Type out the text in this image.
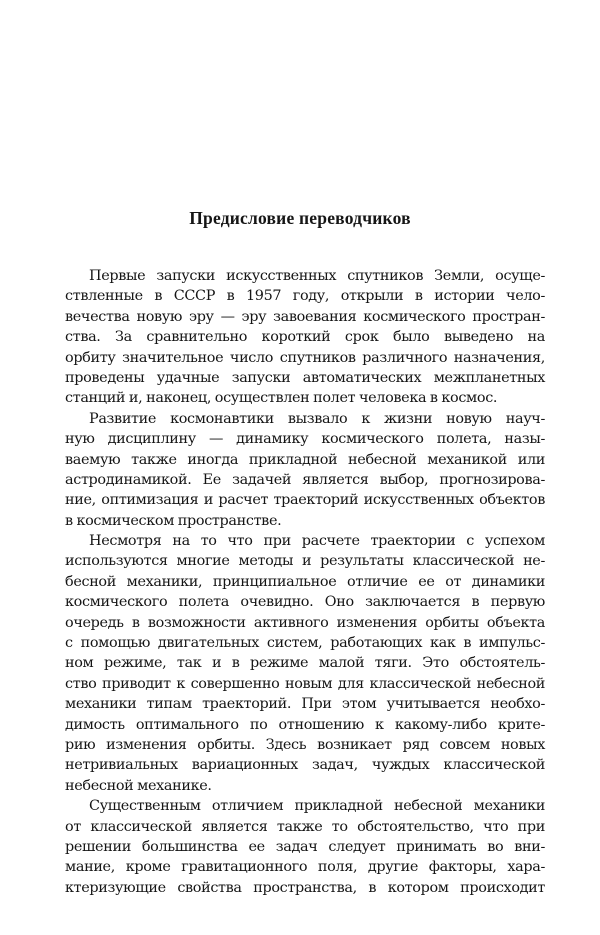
Предисловие переводчиков
Первые запуски искусственных спутников Земли, осуще-
ствленные в СССР в 1957 году, открыли в истории чело-
вечества новую эру — эру завоевания космического простран-
ства. За сравнительно короткий срок было выведено на
орбиту значительное число спутников различного назначения,
проведены удачные запуски автоматических межпланетных
станций и, наконец, осуществлен полет человека в космос.
Развитие космонавтики вызвало к жизни новую науч-
ную дисциплину — динамику космического полета, назы-
ваемую также иногда прикладной небесной механикой или
астродинамикой. Ее задачей является выбор, прогнозирова-
ние, оптимизация и расчет траекторий искусственных объектов
в космическом пространстве.
Несмотря на то что при расчете траектории с успехом
используются многие методы и результаты классической не-
бесной механики, принципиальное отличие ее от динамики
космического полета очевидно. Оно заключается в первую
очередь в возможности активного изменения орбиты объекта
с помощью двигательных систем, работающих как в импульс-
ном режиме, так и в режиме малой тяги. Это обстоятель-
ство приводит к совершенно новым для классической небесной
механики типам траекторий. При этом учитывается необхо-
димость оптимального по отношению к какому-либо крите-
рию изменения орбиты. Здесь возникает ряд совсем новых
нетривиальных вариационных задач, чуждых классической
небесной механике.
Существенным отличием прикладной небесной механики
от классической является также то обстоятельство, что при
решении большинства ее задач следует принимать во вни-
мание, кроме гравитационного поля, другие факторы, хара-
ктеризующие свойства пространства, в котором происходит
